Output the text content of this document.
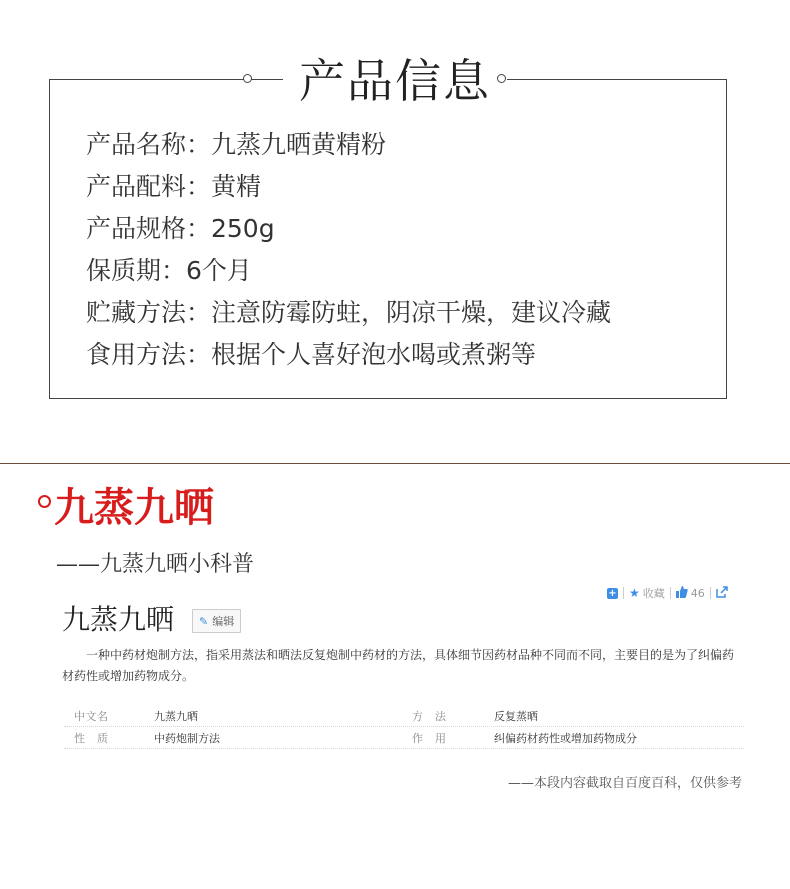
产品信息
产品名称：九蒸九晒黄精粉
产品配料：黄精
产品规格：250g
保质期：6个月
贮藏方法：注意防霉防蛀，阴凉干燥，建议冷藏
食用方法：根据个人喜好泡水喝或煮粥等
九蒸九晒
——九蒸九晒小科普
+ ★ 收藏 46
九蒸九晒 ✎ 编辑
一种中药材炮制方法，指采用蒸法和晒法反复炮制中药材的方法，具体细节因药材品种不同而不同，主要目的是为了纠偏药材药性或增加药物成分。
中文名	九蒸九晒	方　法	反复蒸晒
性　质	中药炮制方法	作　用	纠偏药材药性或增加药物成分
——本段内容截取自百度百科，仅供参考
